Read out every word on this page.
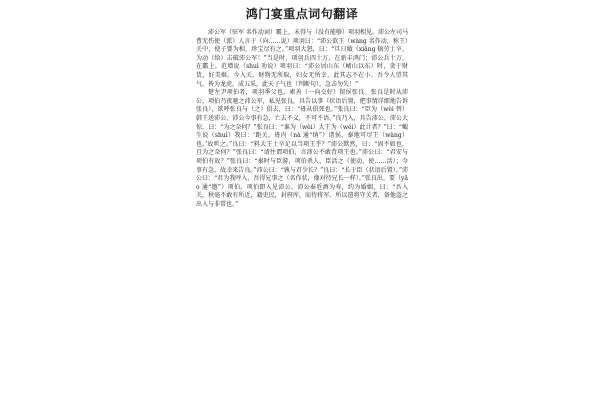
鸿门宴重点词句翻译

沛公军（驻军 名作动词）霸上，未得与（没有能够）项羽相见。沛公左司马曹无伤使（派）人言于（向……说）项羽曰：“沛公欲王（wàng 名作动，称王）关中，使子婴为相，珍宝尽有之。”项羽大怒，曰：“旦日飨（xiǎng 犒劳士卒，为动（给）击破沛公军！”当是时，项羽兵四十万，在新丰鸿门；沛公兵十万，在霸上。范增说（shuì 劝说）项羽曰：“沛公居山东（崤山以东）时，贪于财货，好美姬。今入关，财物无所取，妇女无所幸，此其志不在小。吾令人望其气，皆为龙虎，成五采，此天子气也（判断句）。急击勿失！”

楚左尹项伯者，项羽季父也，素善（一向交好）留侯张良。张良是时从沛公，项伯乃夜驰之沛公军，私见张良，具告以事（状语后置，把事情详细地告诉张良），欲呼张良与（之）俱去，曰：“毋从俱死也。”张良曰：“臣为（wèi 替）韩王送沛公，沛公今事有急，亡去不义，不可不语。”良乃入，具告沛公。沛公大惊，曰：“为之奈何？”张良曰：“谁为（wèi）大王为（wéi）此计者？”曰：“鲰生说（shuì）我曰：‘距关，毋内（nà 通“纳”）诸侯，秦地可尽王（wàng）也。’故听之。”良曰：“料大王士卒足以当项王乎？”沛公默然，曰：“固不如也，且为之奈何？”张良曰：“请往谓项伯，言沛公不敢背项王也。”沛公曰：“君安与项伯有故？”张良曰：“秦时与臣游，项伯杀人，臣活之（使动，使……活）；今事有急，故幸来告良。”沛公曰：“孰与君少长？”良曰：“长于臣（状语后置）。”沛公曰：“君为我呼入，吾得兄事之（名作状，像对待兄长一样）。”张良出，要（yāo 通“邀”）项伯。项伯即入见沛公。沛公奉卮酒为寿，约为婚姻，曰：“吾入关，秋毫不敢有所近，籍吏民，封府库，而待将军。所以遣将守关者，备他盗之出入与非常也。”
